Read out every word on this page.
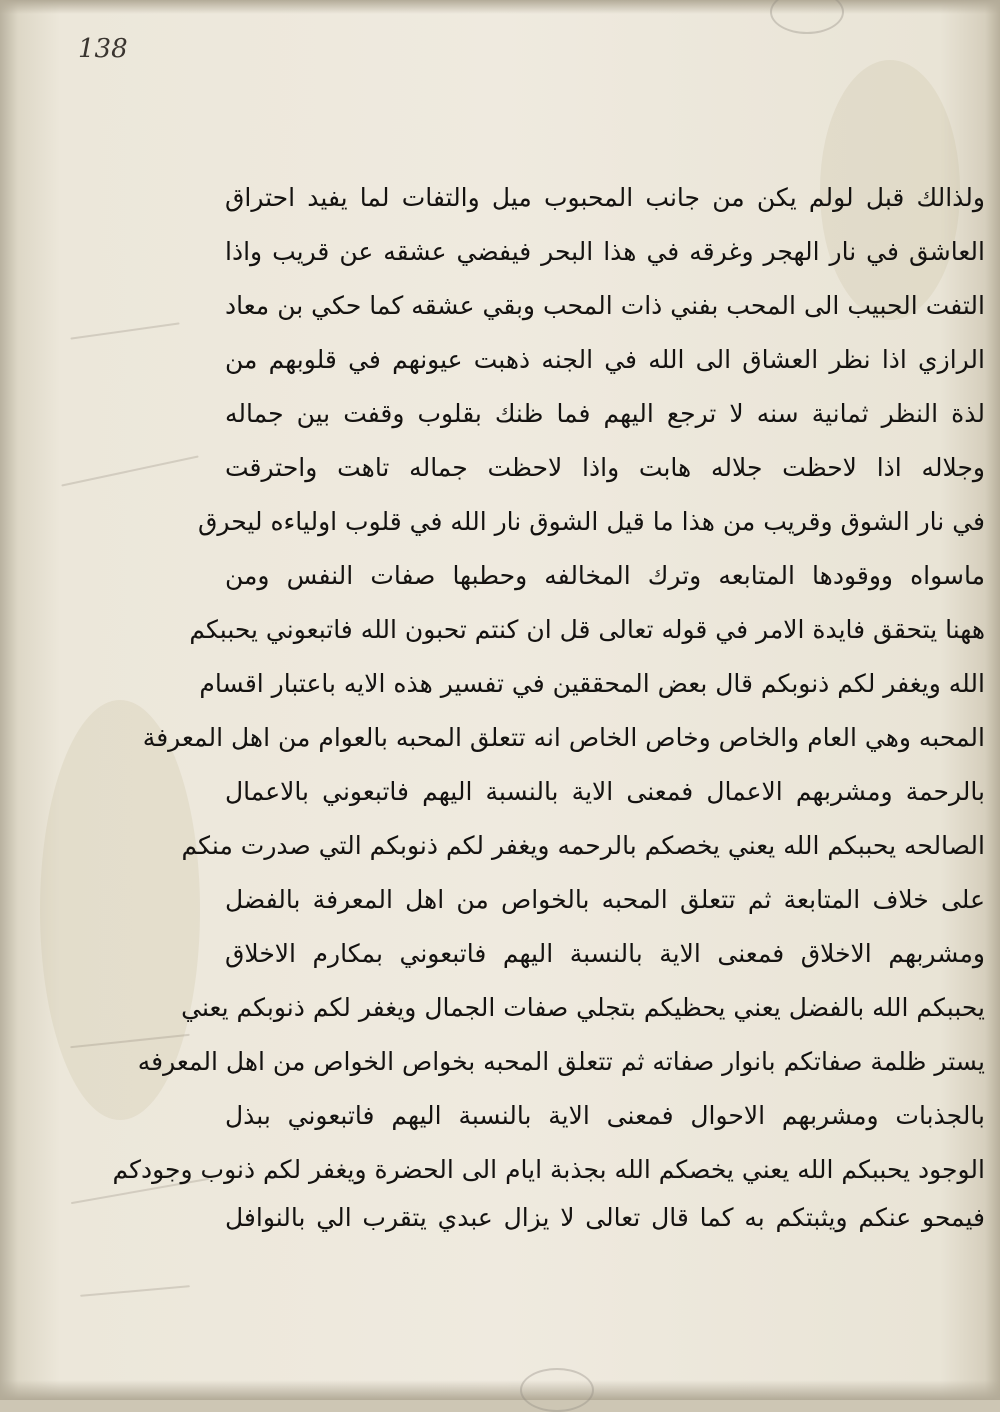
138
ولذالك قبل لولم يكن من جانب المحبوب ميل والتفات لما يفيد احتراق
العاشق في نار الهجر وغرقه في هذا البحر فيفضي عشقه عن قريب واذا
التفت الحبيب الى المحب بفني ذات المحب وبقي عشقه كما حكي بن معاد
الرازي اذا نظر العشاق الى الله في الجنه ذهبت عيونهم في قلوبهم من
لذة النظر ثمانية سنه لا ترجع اليهم فما ظنك بقلوب وقفت بين جماله
وجلاله اذا لاحظت جلاله هابت واذا لاحظت جماله تاهت واحترقت
في نار الشوق وقريب من هذا ما قيل الشوق نار الله في قلوب اولياءه ليحرق
ماسواه ووقودها المتابعه وترك المخالفه وحطبها صفات النفس ومن
ههنا يتحقق فايدة الامر في قوله تعالى قل ان كنتم تحبون الله فاتبعوني يحببكم
الله ويغفر لكم ذنوبكم قال بعض المحققين في تفسير هذه الايه باعتبار اقسام
المحبه وهي العام والخاص وخاص الخاص انه تتعلق المحبه بالعوام من اهل المعرفة
بالرحمة ومشربهم الاعمال فمعنى الاية بالنسبة اليهم فاتبعوني بالاعمال
الصالحه يحببكم الله يعني يخصكم بالرحمه ويغفر لكم ذنوبكم التي صدرت منكم
على خلاف المتابعة ثم تتعلق المحبه بالخواص من اهل المعرفة بالفضل
ومشربهم الاخلاق فمعنى الاية بالنسبة اليهم فاتبعوني بمكارم الاخلاق
يحببكم الله بالفضل يعني يحظيكم بتجلي صفات الجمال ويغفر لكم ذنوبكم يعني
يستر ظلمة صفاتكم بانوار صفاته ثم تتعلق المحبه بخواص الخواص من اهل المعرفه
بالجذبات ومشربهم الاحوال فمعنى الاية بالنسبة اليهم فاتبعوني ببذل
الوجود يحببكم الله يعني يخصكم الله بجذبة ايام الى الحضرة ويغفر لكم ذنوب وجودكم
فيمحو عنكم ويثبتكم به كما قال تعالى لا يزال عبدي يتقرب الي بالنوافل
